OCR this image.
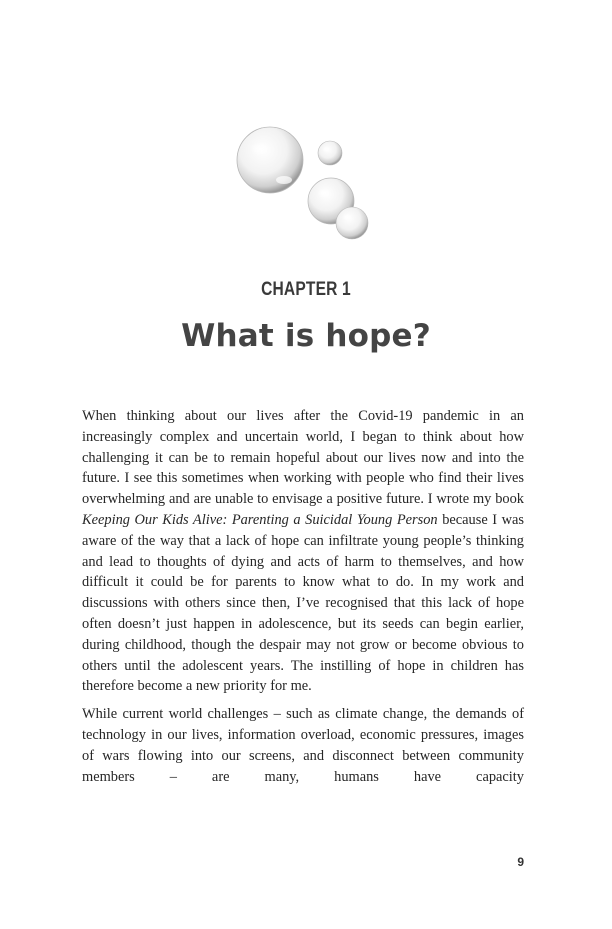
CHAPTER 1
What is hope?

When thinking about our lives after the Covid-19 pandemic in an increasingly complex and uncertain world, I began to think about how challenging it can be to remain hopeful about our lives now and into the future. I see this sometimes when working with people who find their lives overwhelming and are unable to envisage a positive future. I wrote my book Keeping Our Kids Alive: Parenting a Suicidal Young Person because I was aware of the way that a lack of hope can infiltrate young people’s thinking and lead to thoughts of dying and acts of harm to themselves, and how difficult it could be for parents to know what to do. In my work and discussions with others since then, I’ve recognised that this lack of hope often doesn’t just happen in adolescence, but its seeds can begin earlier, during childhood, though the despair may not grow or become obvious to others until the adolescent years. The instilling of hope in children has therefore become a new priority for me.

While current world challenges – such as climate change, the demands of technology in our lives, information overload, economic pressures, images of wars flowing into our screens, and disconnect between community members – are many, humans have capacity

9
